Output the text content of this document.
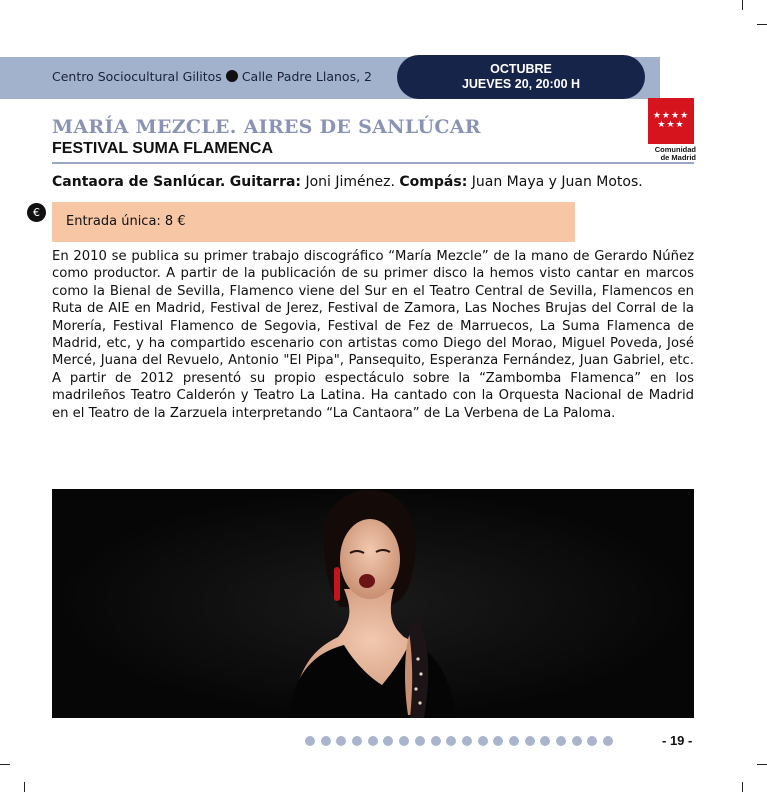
Centro Sociocultural Gilitos Calle Padre Llanos, 2	OCTUBRE
JUEVES 20, 20:00 H
MARÍA MEZCLE. AIRES DE SANLÚCAR
FESTIVAL SUMA FLAMENCA
★★★★
★★★
Comunidad
de Madrid
Cantaora de Sanlúcar. Guitarra: Joni Jiménez. Compás: Juan Maya y Juan Motos.
€
Entrada única: 8 €
En 2010 se publica su primer trabajo discográfico “María Mezcle” de la mano de Gerardo Núñez como productor. A partir de la publicación de su primer disco la hemos visto cantar en marcos como la Bienal de Sevilla, Flamenco viene del Sur en el Teatro Central de Sevilla, Flamencos en Ruta de AIE en Madrid, Festival de Jerez, Festival de Zamora, Las Noches Brujas del Corral de la Morería, Festival Flamenco de Segovia, Festival de Fez de Marruecos, La Suma Flamenca de Madrid, etc, y ha compartido escenario con artistas como Diego del Morao, Miguel Poveda, José Mercé, Juana del Revuelo, Antonio "El Pipa", Pansequito, Esperanza Fernández, Juan Gabriel, etc. A partir de 2012 presentó su propio espectáculo sobre la “Zambomba Flamenca” en los madrileños Teatro Calderón y Teatro La Latina. Ha cantado con la Orquesta Nacional de Madrid en el Teatro de la Zarzuela interpretando “La Cantaora” de La Verbena de La Paloma.
- 19 -
